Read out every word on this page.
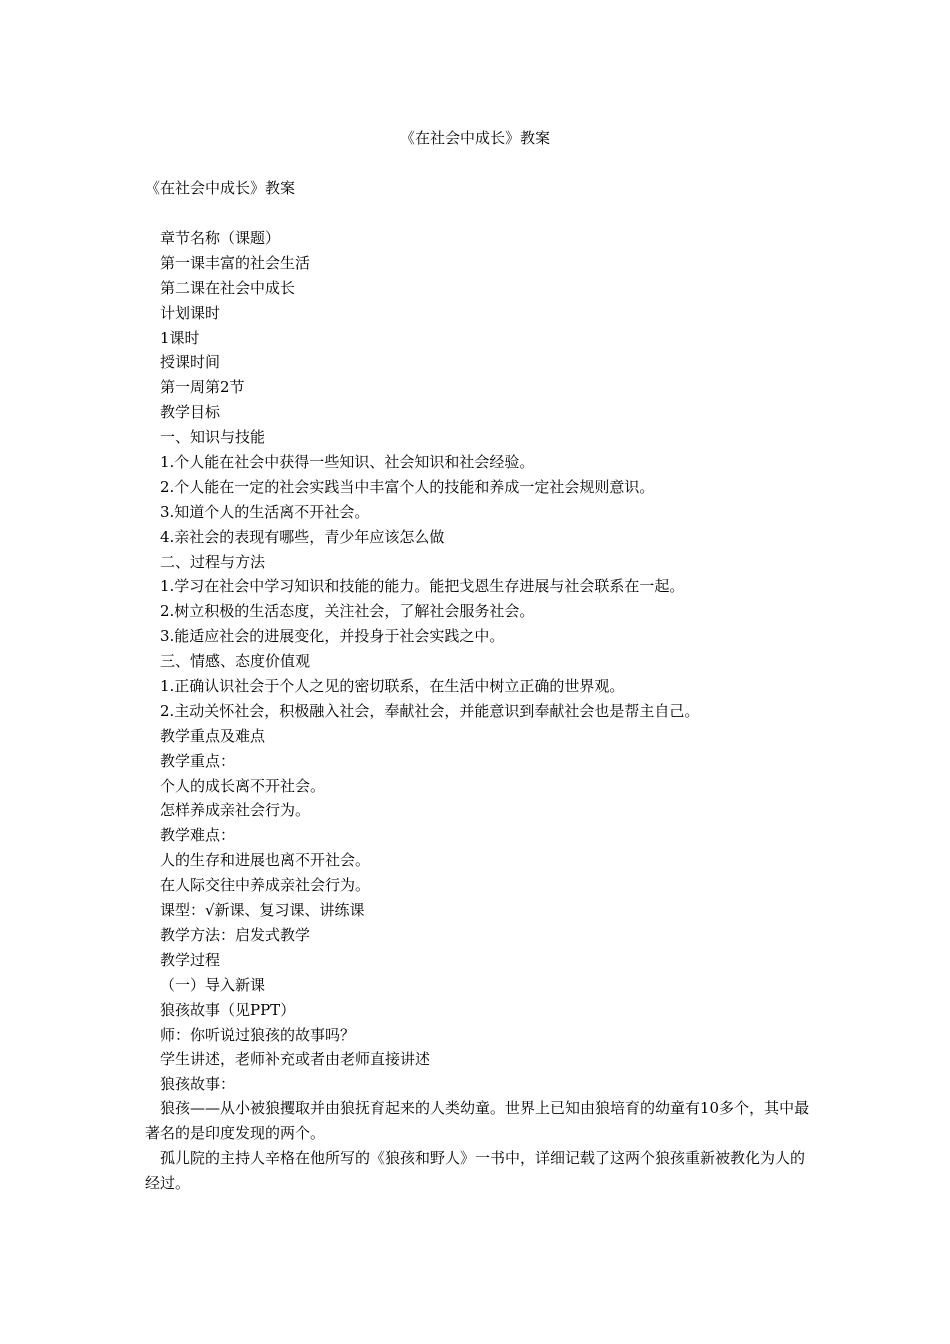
《在社会中成长》教案
《在社会中成长》教案
章节名称（课题）
第一课丰富的社会生活
第二课在社会中成长
计划课时
1课时
授课时间
第一周第2节
教学目标
一、知识与技能
1.个人能在社会中获得一些知识、社会知识和社会经验。
2.个人能在一定的社会实践当中丰富个人的技能和养成一定社会规则意识。
3.知道个人的生活离不开社会。
4.亲社会的表现有哪些，青少年应该怎么做
二、过程与方法
1.学习在社会中学习知识和技能的能力。能把戈恩生存进展与社会联系在一起。
2.树立积极的生活态度，关注社会，了解社会服务社会。
3.能适应社会的进展变化，并投身于社会实践之中。
三、情感、态度价值观
1.正确认识社会于个人之见的密切联系，在生活中树立正确的世界观。
2.主动关怀社会，积极融入社会，奉献社会，并能意识到奉献社会也是帮主自己。
教学重点及难点
教学重点：
个人的成长离不开社会。
怎样养成亲社会行为。
教学难点：
人的生存和进展也离不开社会。
在人际交往中养成亲社会行为。
课型：√新课、复习课、讲练课
教学方法：启发式教学
教学过程
（一）导入新课
狼孩故事（见PPT）
师：你听说过狼孩的故事吗？
学生讲述，老师补充或者由老师直接讲述
狼孩故事：
狼孩——从小被狼攫取并由狼抚育起来的人类幼童。世界上已知由狼培育的幼童有10多个，其中最著名的是印度发现的两个。
孤儿院的主持人辛格在他所写的《狼孩和野人》一书中，详细记载了这两个狼孩重新被教化为人的经过。
